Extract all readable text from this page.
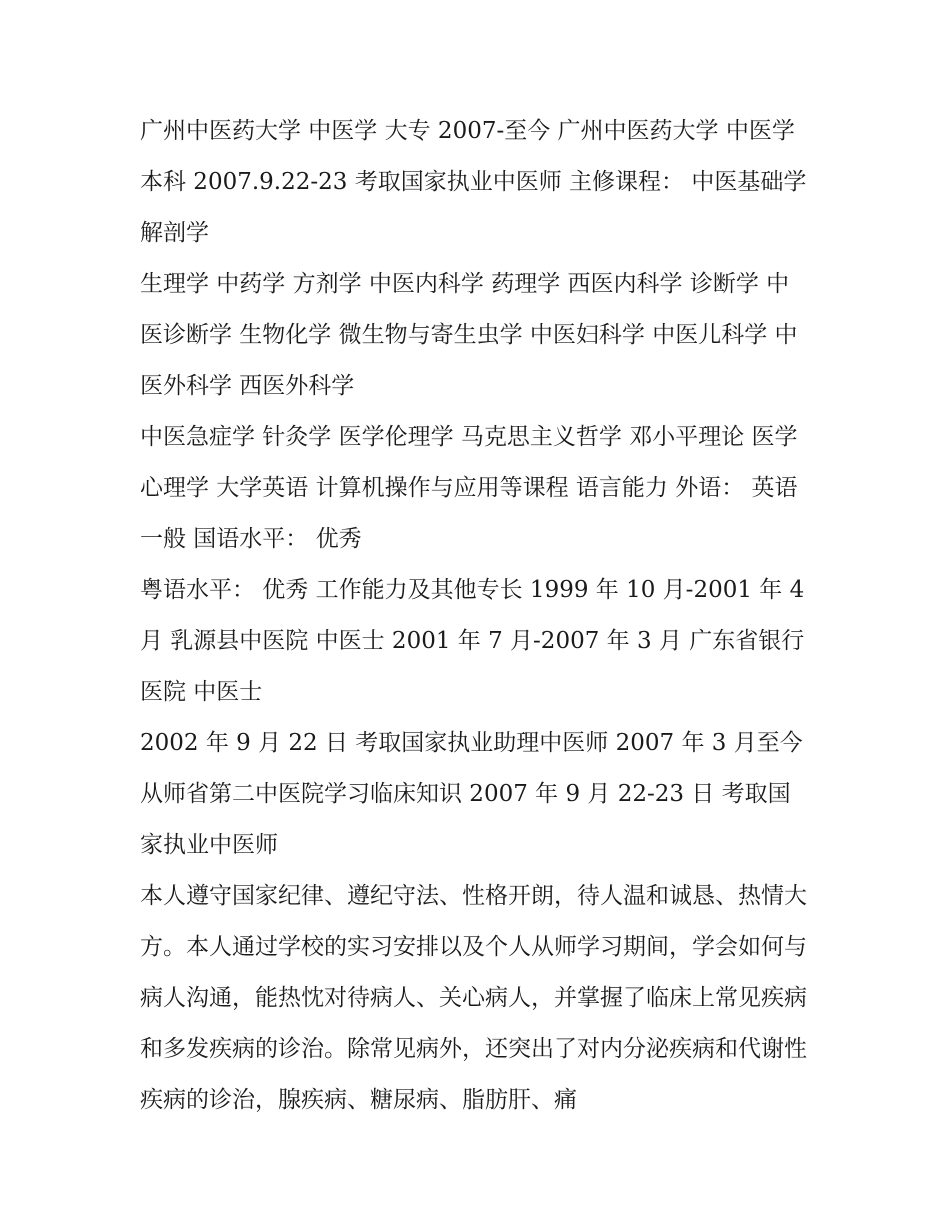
广州中医药大学 中医学 大专 2007-至今 广州中医药大学 中医学 本科 2007.9.22-23 考取国家执业中医师 主修课程： 中医基础学 解剖学

生理学 中药学 方剂学 中医内科学 药理学 西医内科学 诊断学 中医诊断学 生物化学 微生物与寄生虫学 中医妇科学 中医儿科学 中医外科学 西医外科学

中医急症学 针灸学 医学伦理学 马克思主义哲学 邓小平理论 医学心理学 大学英语 计算机操作与应用等课程 语言能力 外语： 英语一般 国语水平： 优秀

粤语水平： 优秀 工作能力及其他专长 1999 年 10 月-2001 年 4 月 乳源县中医院 中医士 2001 年 7 月-2007 年 3 月 广东省银行医院 中医士

2002 年 9 月 22 日 考取国家执业助理中医师 2007 年 3 月至今 从师省第二中医院学习临床知识 2007 年 9 月 22-23 日 考取国家执业中医师

本人遵守国家纪律、遵纪守法、性格开朗，待人温和诚恳、热情大方。本人通过学校的实习安排以及个人从师学习期间，学会如何与病人沟通，能热忱对待病人、关心病人，并掌握了临床上常见疾病和多发疾病的诊治。除常见病外，还突出了对内分泌疾病和代谢性疾病的诊治，腺疾病、糖尿病、脂肪肝、痛
